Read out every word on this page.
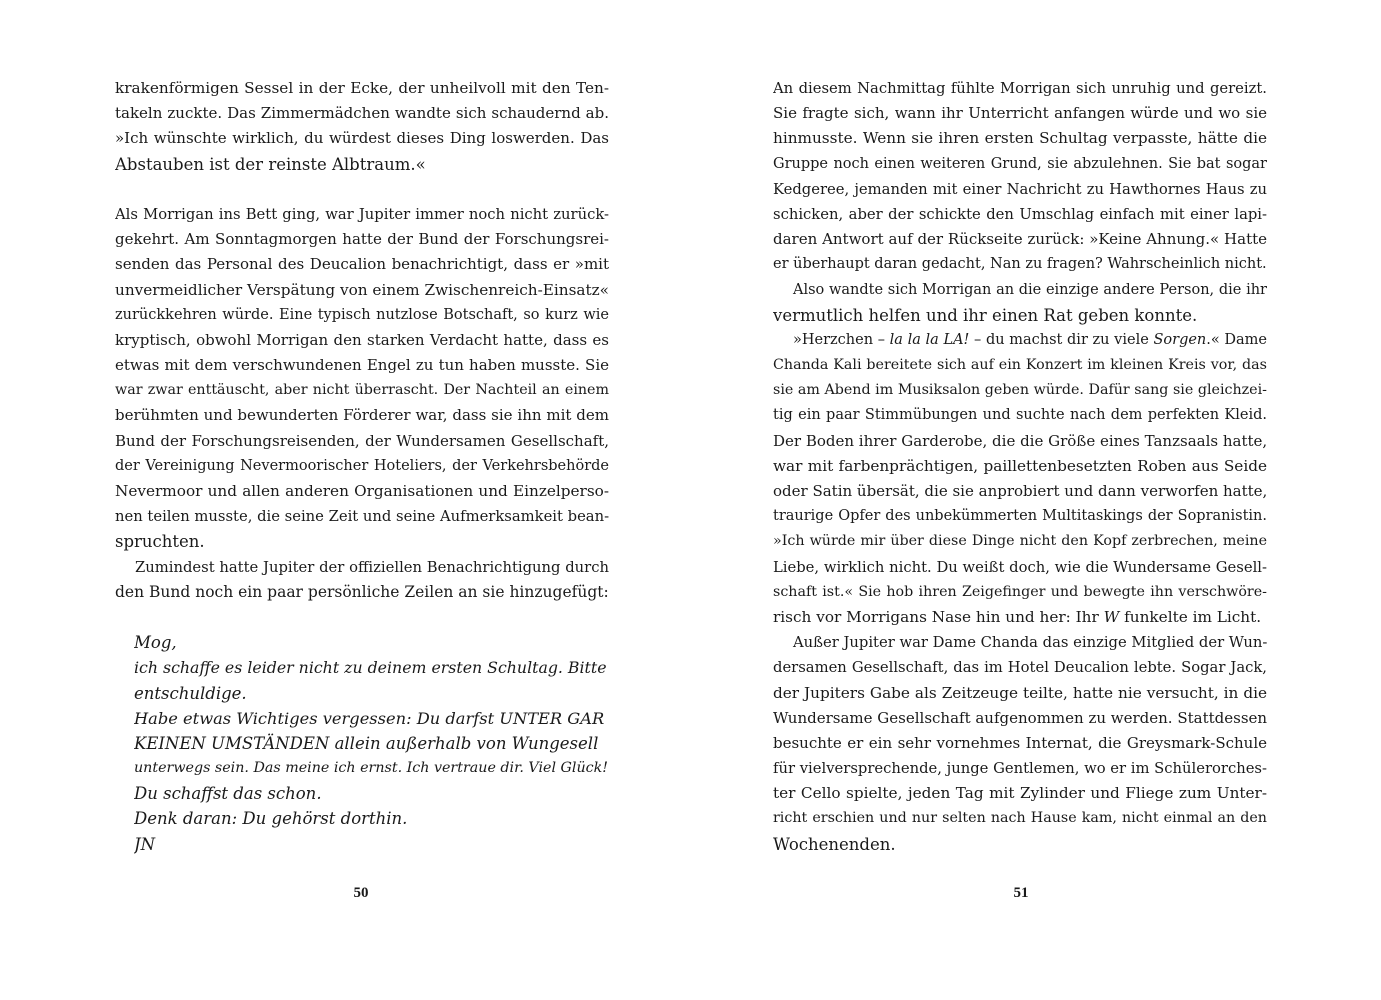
krakenförmigen Sessel in der Ecke, der unheilvoll mit den Ten-
takeln zuckte. Das Zimmermädchen wandte sich schaudernd ab.
»Ich wünschte wirklich, du würdest dieses Ding loswerden. Das
Abstauben ist der reinste Albtraum.«
Als Morrigan ins Bett ging, war Jupiter immer noch nicht zurück-
gekehrt. Am Sonntagmorgen hatte der Bund der Forschungsrei-
senden das Personal des Deucalion benachrichtigt, dass er »mit
unvermeidlicher Verspätung von einem Zwischenreich-Einsatz«
zurückkehren würde. Eine typisch nutzlose Botschaft, so kurz wie
kryptisch, obwohl Morrigan den starken Verdacht hatte, dass es
etwas mit dem verschwundenen Engel zu tun haben musste. Sie
war zwar enttäuscht, aber nicht überrascht. Der Nachteil an einem
berühmten und bewunderten Förderer war, dass sie ihn mit dem
Bund der Forschungsreisenden, der Wundersamen Gesellschaft,
der Vereinigung Nevermoorischer Hoteliers, der Verkehrsbehörde
Nevermoor und allen anderen Organisationen und Einzelperso-
nen teilen musste, die seine Zeit und seine Aufmerksamkeit bean-
spruchten.
Zumindest hatte Jupiter der offiziellen Benachrichtigung durch
den Bund noch ein paar persönliche Zeilen an sie hinzugefügt:
Mog,
ich schaffe es leider nicht zu deinem ersten Schultag. Bitte
entschuldige.
Habe etwas Wichtiges vergessen: Du darfst UNTER GAR
KEINEN UMSTÄNDEN allein außerhalb von Wungesell
unterwegs sein. Das meine ich ernst. Ich vertraue dir. Viel Glück!
Du schaffst das schon.
Denk daran: Du gehörst dorthin.
JN
An diesem Nachmittag fühlte Morrigan sich unruhig und gereizt.
Sie fragte sich, wann ihr Unterricht anfangen würde und wo sie
hinmusste. Wenn sie ihren ersten Schultag verpasste, hätte die
Gruppe noch einen weiteren Grund, sie abzulehnen. Sie bat sogar
Kedgeree, jemanden mit einer Nachricht zu Hawthornes Haus zu
schicken, aber der schickte den Umschlag einfach mit einer lapi-
daren Antwort auf der Rückseite zurück: »Keine Ahnung.« Hatte
er überhaupt daran gedacht, Nan zu fragen? Wahrscheinlich nicht.
Also wandte sich Morrigan an die einzige andere Person, die ihr
vermutlich helfen und ihr einen Rat geben konnte.
»Herzchen – la la la LA! – du machst dir zu viele Sorgen.« Dame
Chanda Kali bereitete sich auf ein Konzert im kleinen Kreis vor, das
sie am Abend im Musiksalon geben würde. Dafür sang sie gleichzei-
tig ein paar Stimmübungen und suchte nach dem perfekten Kleid.
Der Boden ihrer Garderobe, die die Größe eines Tanzsaals hatte,
war mit farbenprächtigen, paillettenbesetzten Roben aus Seide
oder Satin übersät, die sie anprobiert und dann verworfen hatte,
traurige Opfer des unbekümmerten Multitaskings der Sopranistin.
»Ich würde mir über diese Dinge nicht den Kopf zerbrechen, meine
Liebe, wirklich nicht. Du weißt doch, wie die Wundersame Gesell-
schaft ist.« Sie hob ihren Zeigefinger und bewegte ihn verschwöre-
risch vor Morrigans Nase hin und her: Ihr W funkelte im Licht.
Außer Jupiter war Dame Chanda das einzige Mitglied der Wun-
dersamen Gesellschaft, das im Hotel Deucalion lebte. Sogar Jack,
der Jupiters Gabe als Zeitzeuge teilte, hatte nie versucht, in die
Wundersame Gesellschaft aufgenommen zu werden. Stattdessen
besuchte er ein sehr vornehmes Internat, die Greysmark-Schule
für vielversprechende, junge Gentlemen, wo er im Schülerorches-
ter Cello spielte, jeden Tag mit Zylinder und Fliege zum Unter-
richt erschien und nur selten nach Hause kam, nicht einmal an den
Wochenenden.
50	51
